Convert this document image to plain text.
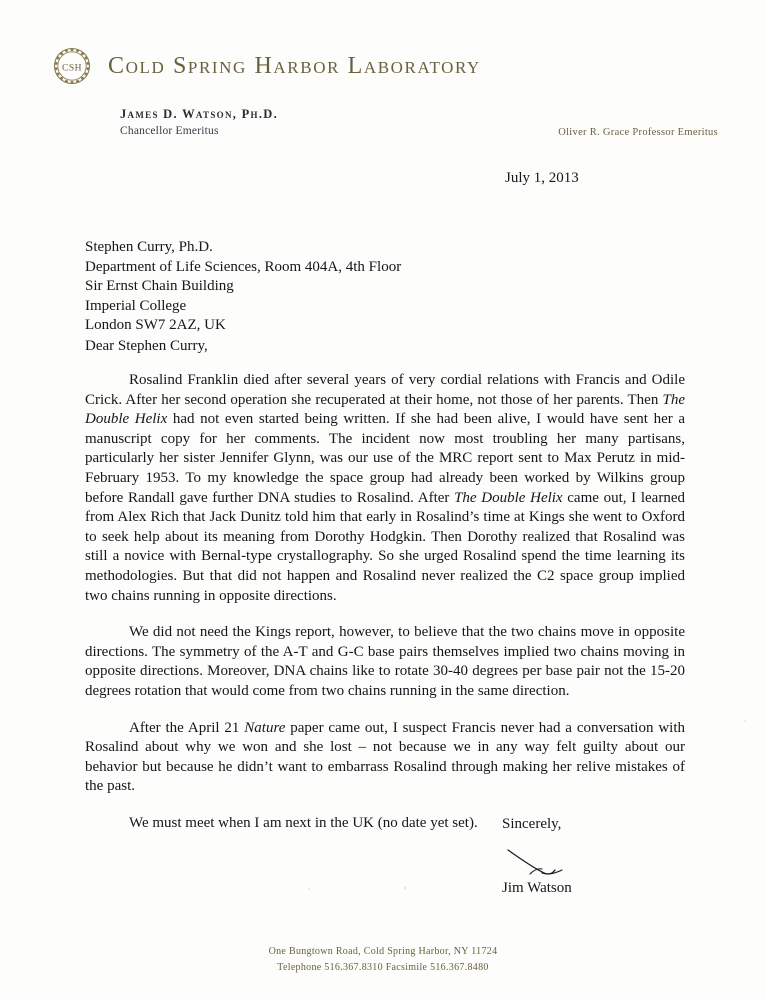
CSH Cold Spring Harbor Laboratory
James D. Watson, Ph.D.
Chancellor Emeritus	Oliver R. Grace Professor Emeritus
July 1, 2013
Stephen Curry, Ph.D.
Department of Life Sciences, Room 404A, 4th Floor
Sir Ernst Chain Building
Imperial College
London SW7 2AZ, UK
Dear Stephen Curry,

Rosalind Franklin died after several years of very cordial relations with Francis and Odile Crick. After her second operation she recuperated at their home, not those of her parents. Then The Double Helix had not even started being written. If she had been alive, I would have sent her a manuscript copy for her comments. The incident now most troubling her many partisans, particularly her sister Jennifer Glynn, was our use of the MRC report sent to Max Perutz in mid-February 1953. To my knowledge the space group had already been worked by Wilkins group before Randall gave further DNA studies to Rosalind. After The Double Helix came out, I learned from Alex Rich that Jack Dunitz told him that early in Rosalind’s time at Kings she went to Oxford to seek help about its meaning from Dorothy Hodgkin. Then Dorothy realized that Rosalind was still a novice with Bernal-type crystallography. So she urged Rosalind spend the time learning its methodologies. But that did not happen and Rosalind never realized the C2 space group implied two chains running in opposite directions.

We did not need the Kings report, however, to believe that the two chains move in opposite directions. The symmetry of the A-T and G-C base pairs themselves implied two chains moving in opposite directions. Moreover, DNA chains like to rotate 30-40 degrees per base pair not the 15-20 degrees rotation that would come from two chains running in the same direction.

After the April 21 Nature paper came out, I suspect Francis never had a conversation with Rosalind about why we won and she lost – not because we in any way felt guilty about our behavior but because he didn’t want to embarrass Rosalind through making her relive mistakes of the past.

We must meet when I am next in the UK (no date yet set).	Sincerely,
Jim Watson
One Bungtown Road, Cold Spring Harbor, NY 11724
Telephone 516.367.8310 Facsimile 516.367.8480
